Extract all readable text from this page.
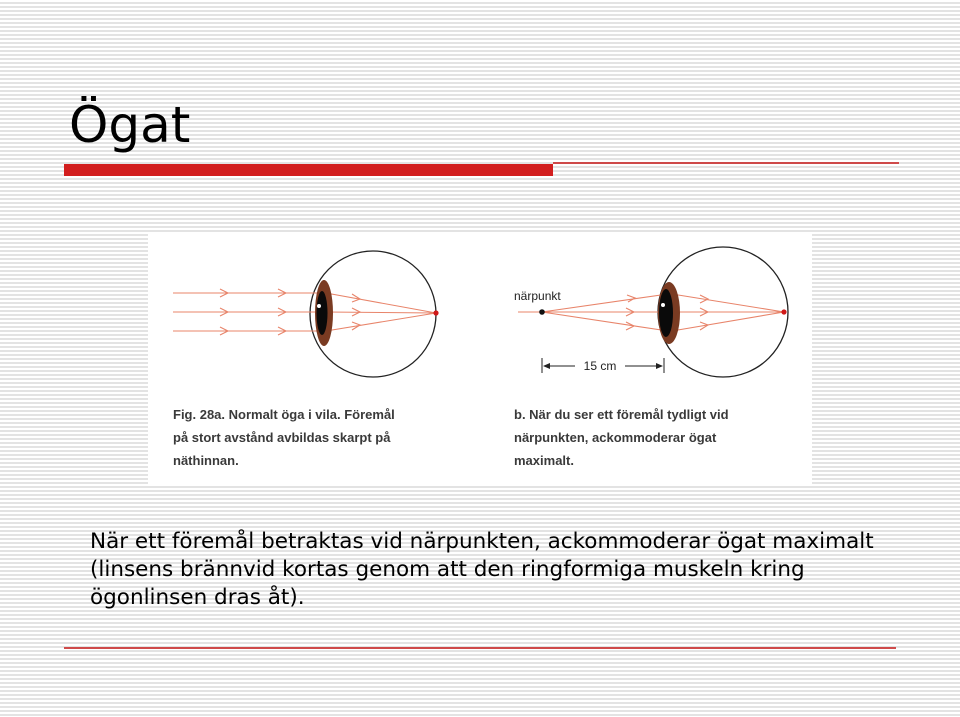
Ögat
närpunkt
15 cm
Fig. 28a. Normalt öga i vila. Föremål
på stort avstånd avbildas skarpt på
näthinnan.
b. När du ser ett föremål tydligt vid
närpunkten, ackommoderar ögat
maximalt.

När ett föremål betraktas vid närpunkten, ackommoderar ögat maximalt (linsens brännvid kortas genom att den ringformiga muskeln kring ögonlinsen dras åt).
